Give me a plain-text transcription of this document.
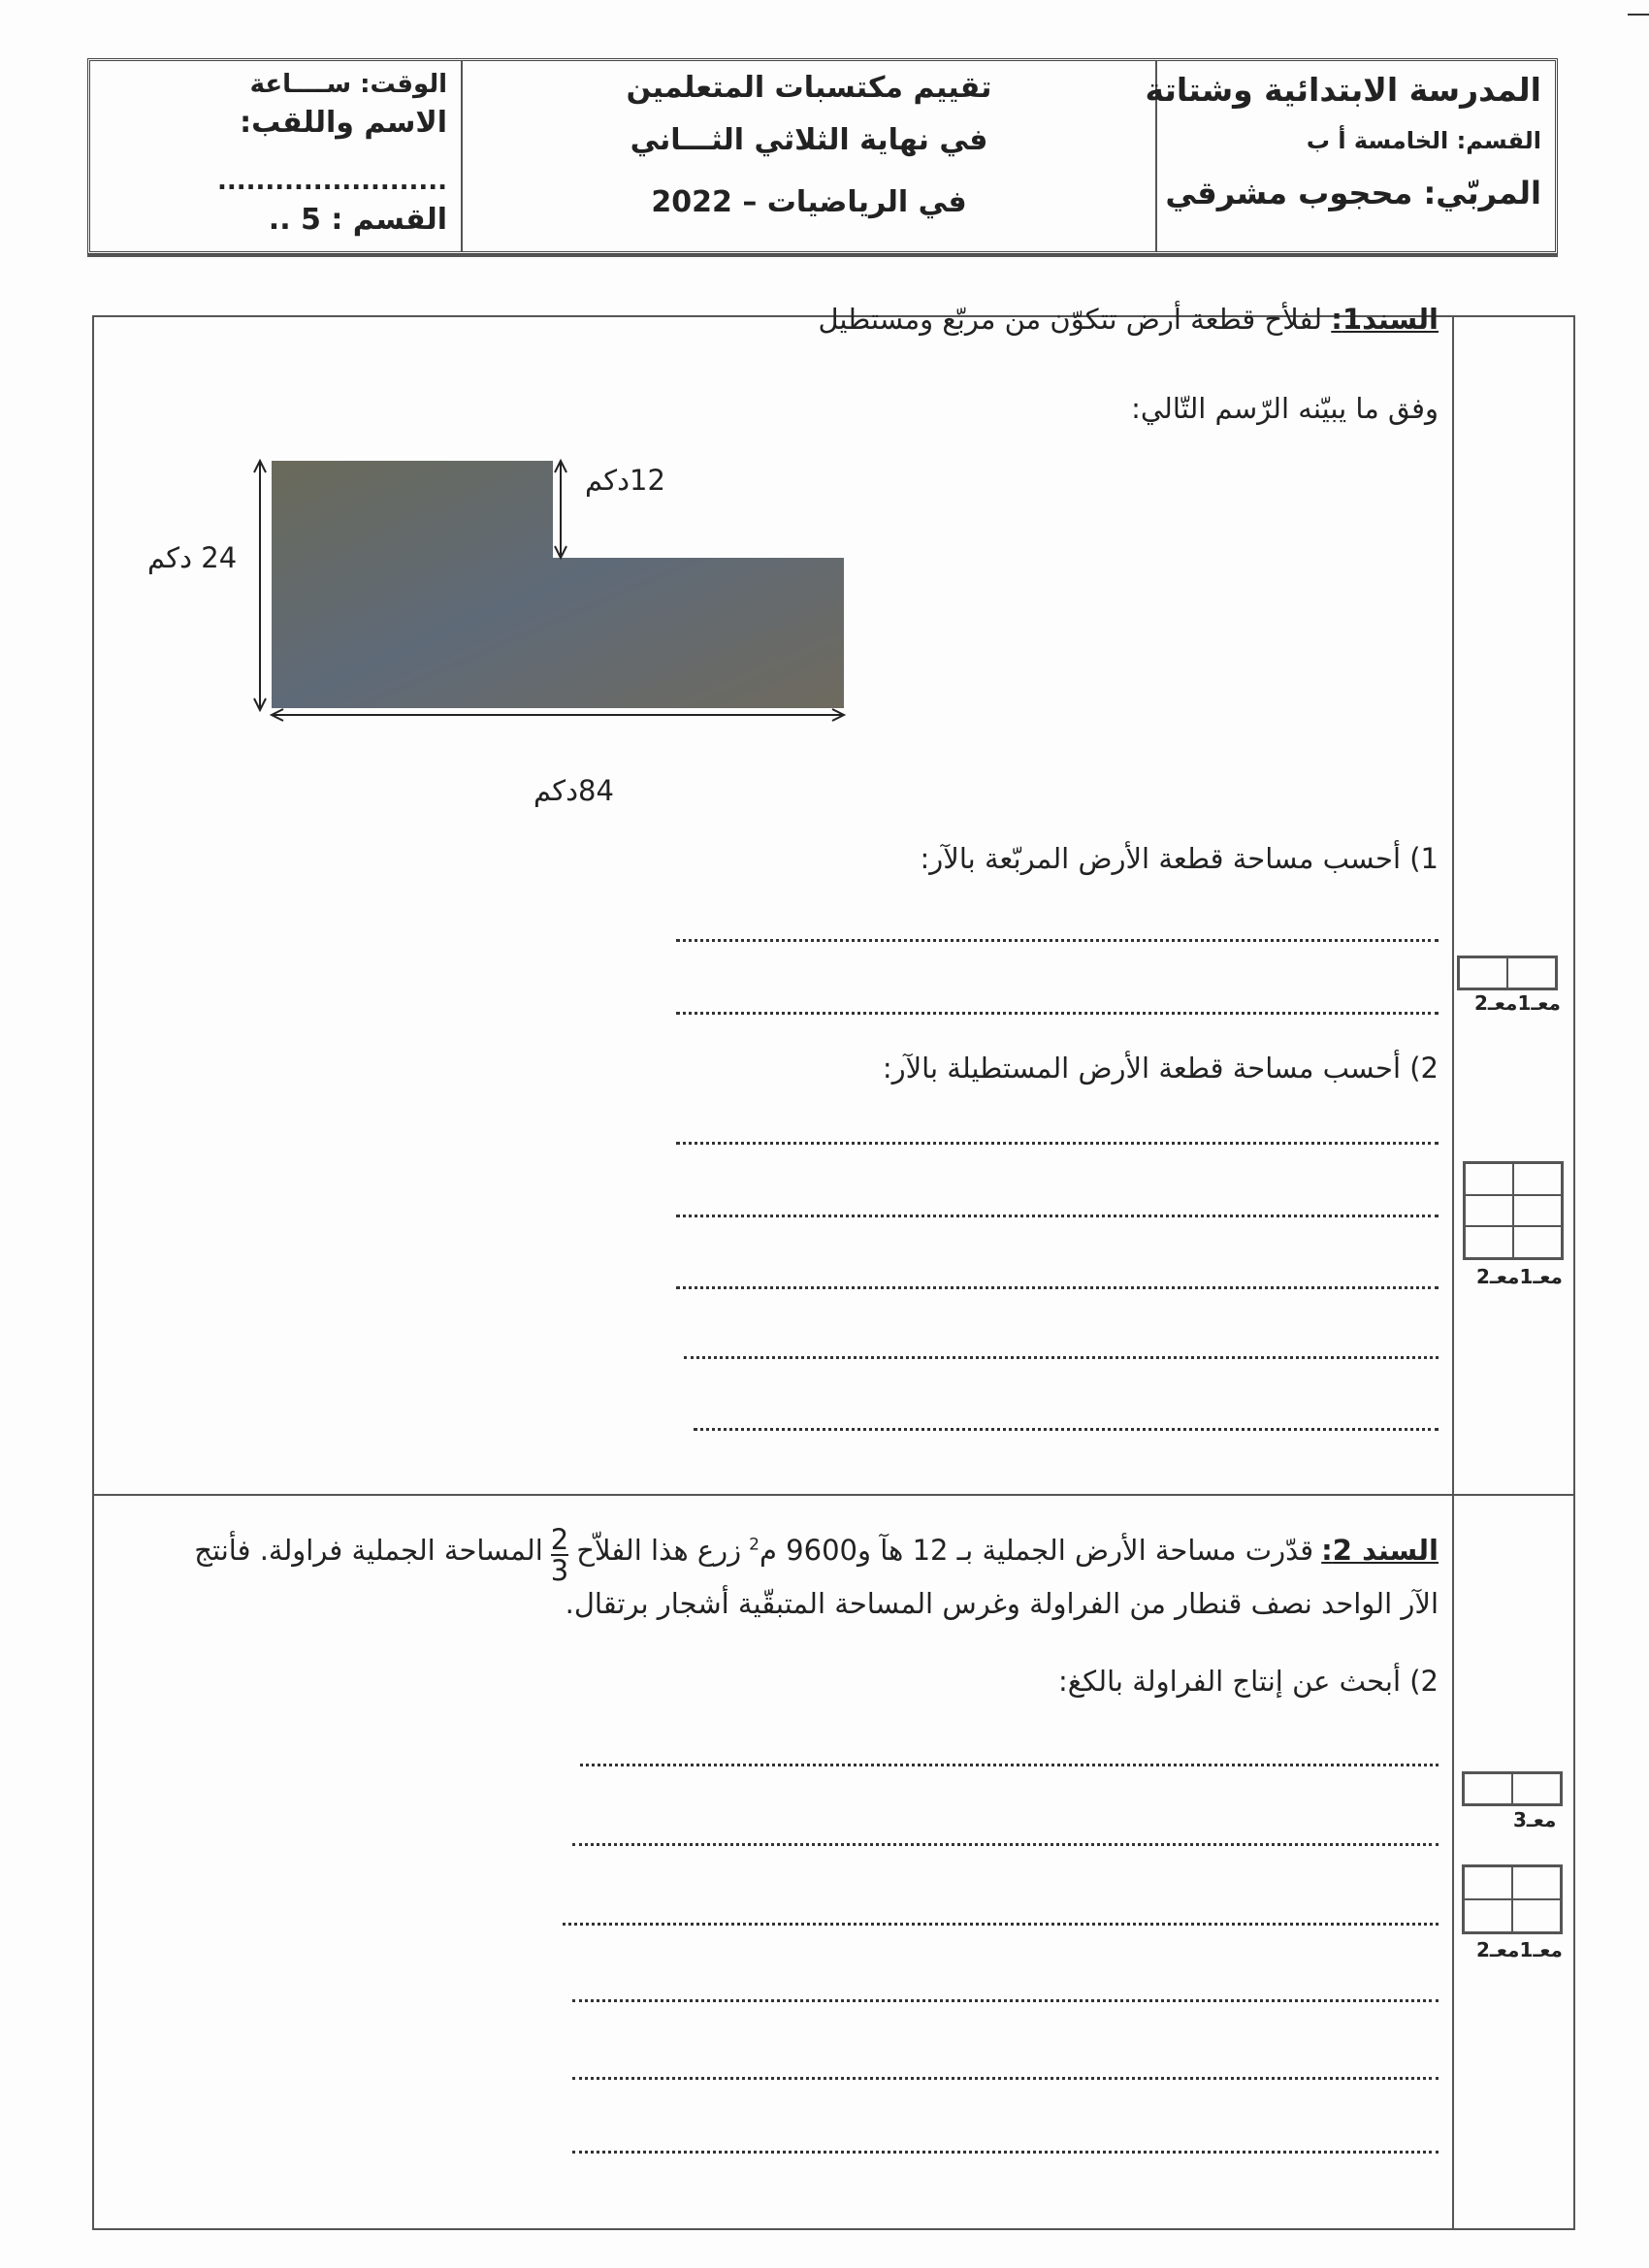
المدرسة الابتدائية وشتاتة
القسم: الخامسة أ ب
المربّي: محجوب مشرقي
تقييم مكتسبات المتعلمين
في نهاية الثلاثي الثـــاني
في الرياضيات – 2022
الوقت: ســــاعة
الاسم واللقب:
........................
القسم : 5 ..
السند1: لفلأح قطعة أرض تتكوّن من مربّع ومستطيل
وفق ما يبيّنه الرّسم التّالي:
12دكم
24 دكم
84دكم
1) أحسب مساحة قطعة الأرض المربّعة بالآر:
2) أحسب مساحة قطعة الأرض المستطيلة بالآر:
معـ1معـ2
معـ1معـ2
معـ3
معـ1معـ2
السند 2:
قدّرت مساحة الأرض الجملية بـ 12 هآ و9600 م$^2$
زرع هذا الفلاّح
2
3
المساحة الجملية فراولة. فأنتج
الآر الواحد نصف قنطار من الفراولة وغرس المساحة المتبقّية أشجار برتقال.
2) أبحث عن إنتاج الفراولة بالكغ:
